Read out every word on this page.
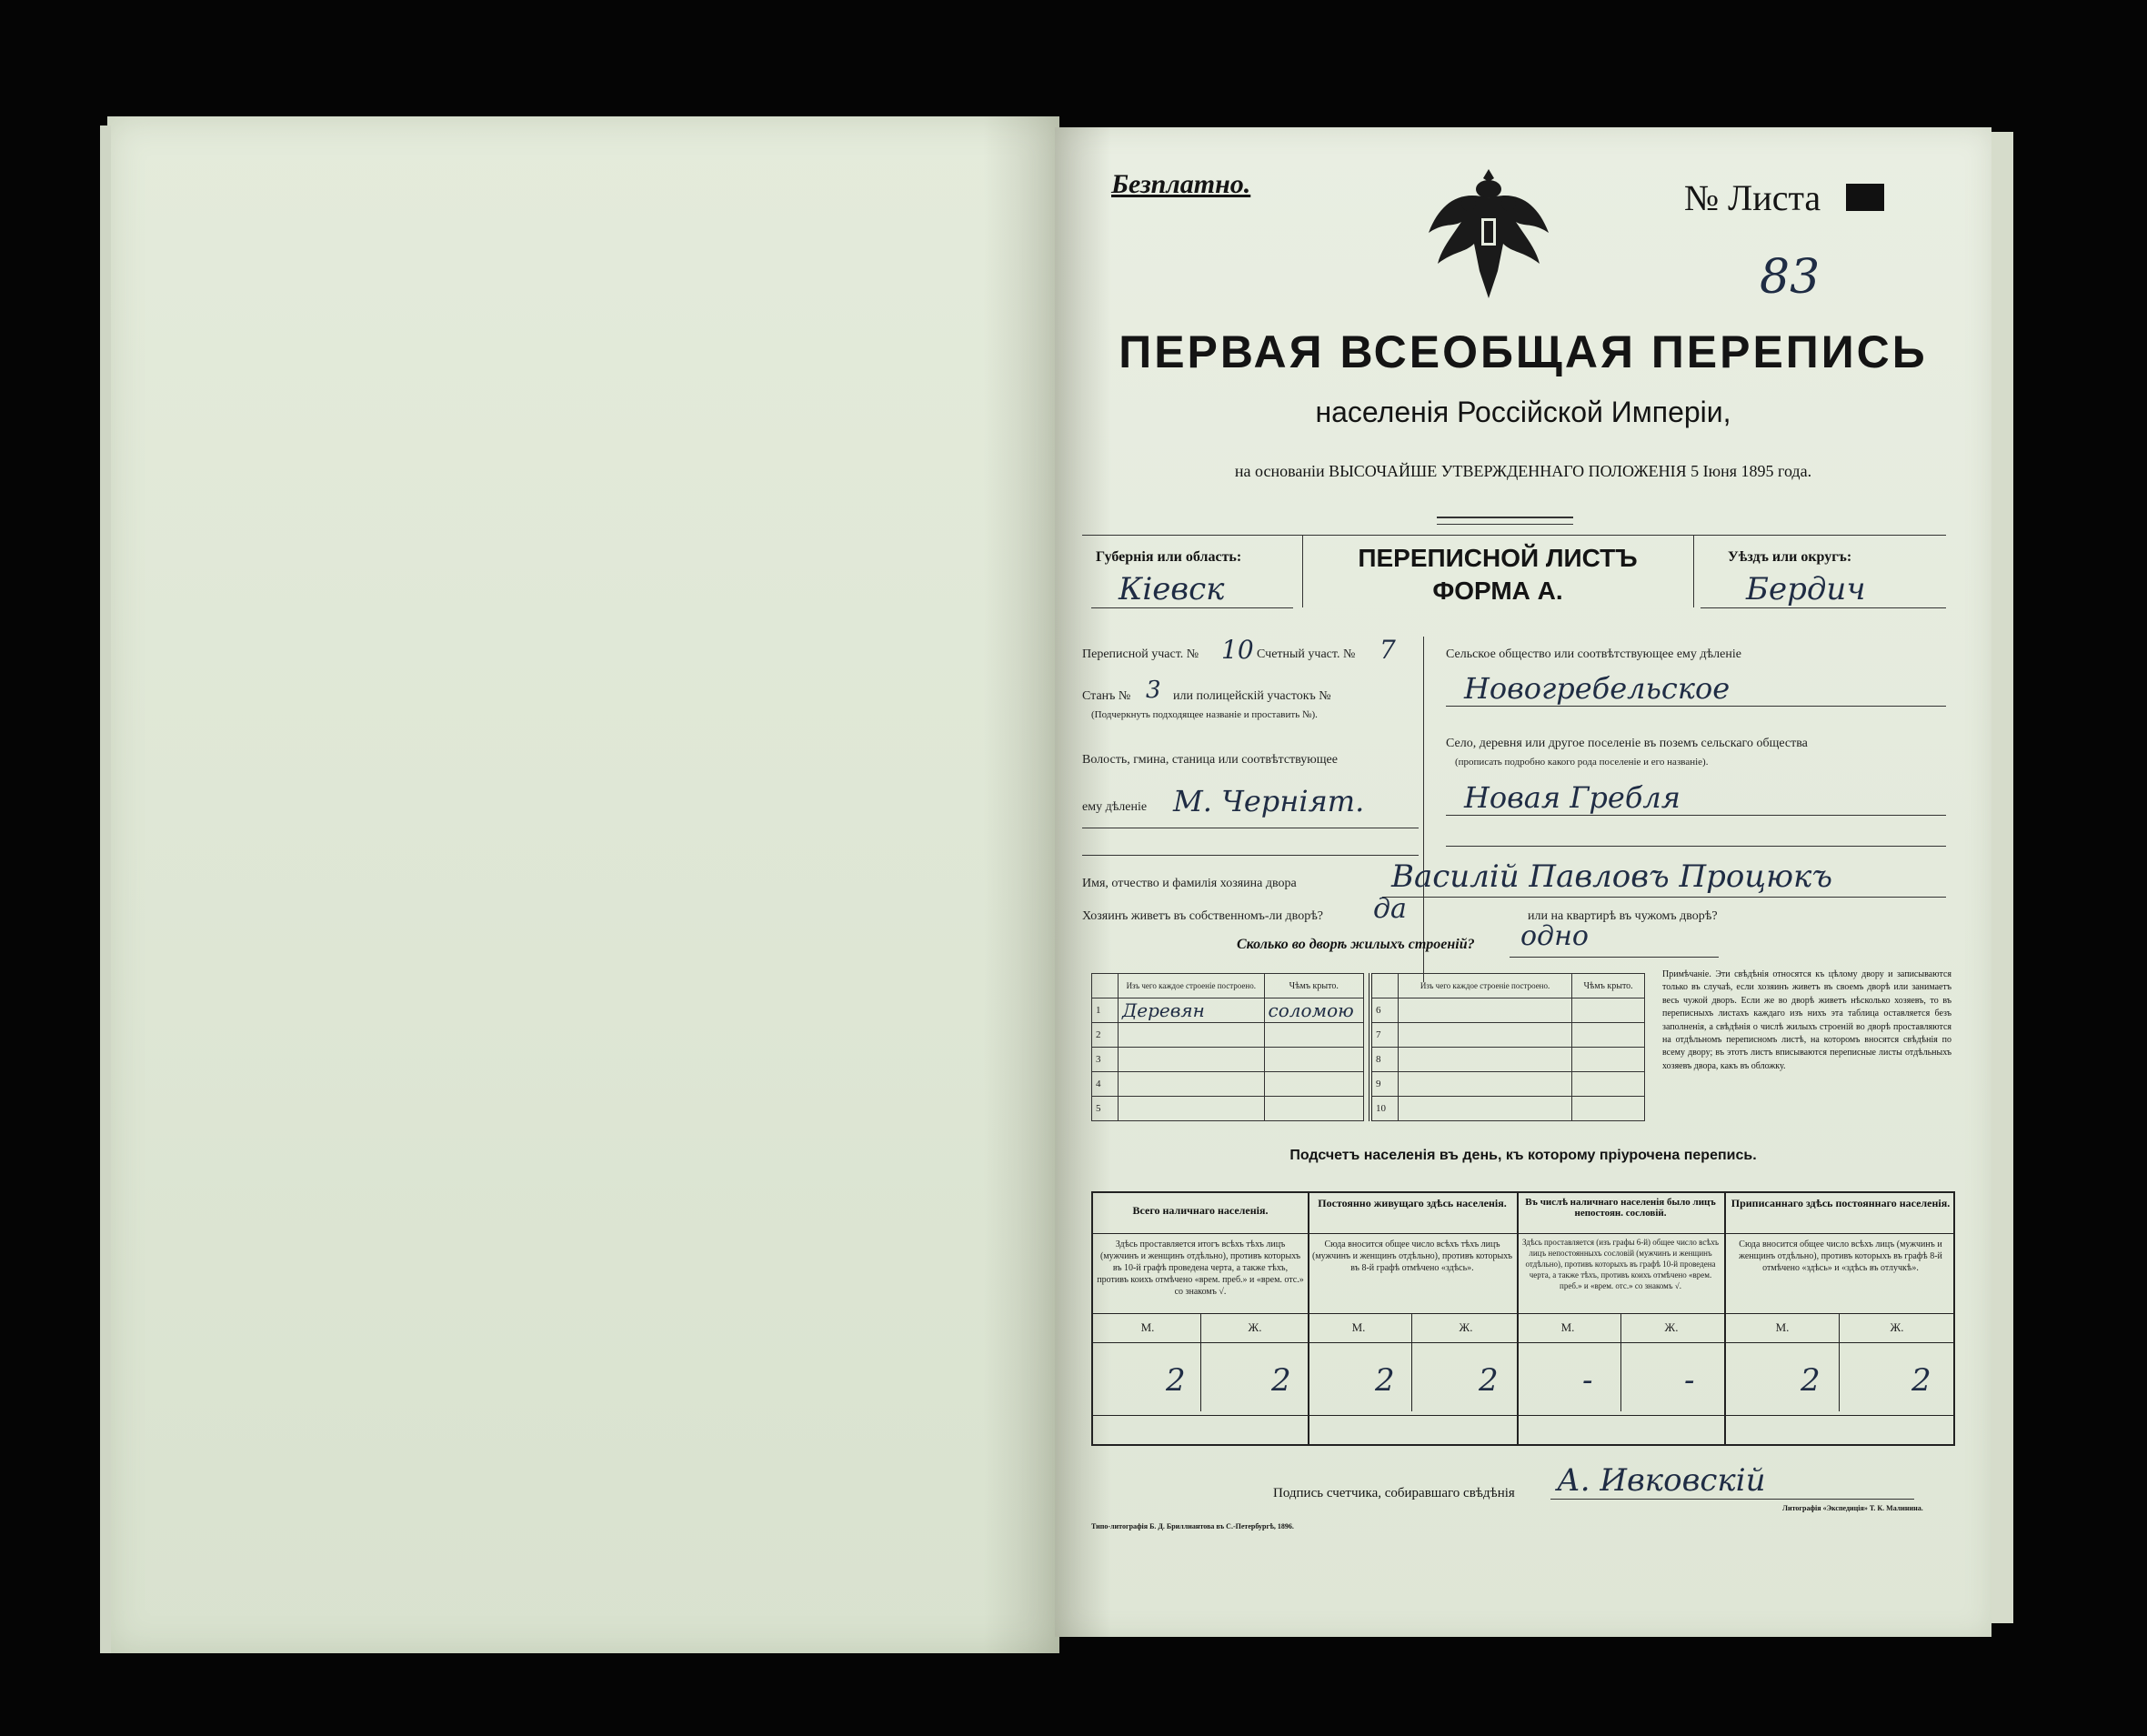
Безплатно.	№ Листа
83
ПЕРВАЯ ВСЕОБЩАЯ ПЕРЕПИСЬ
населенія Россійской Имперіи,
на основаніи ВЫСОЧАЙШЕ УТВЕРЖДЕННАГО ПОЛОЖЕНІЯ 5 Іюня 1895 года.
Губернія или область:
Кіевск
ПЕРЕПИСНОЙ ЛИСТЪ
ФОРМА А.
Уѣздъ или округъ:
Бердич
Переписной участ. № 10 Счетный участ. № 7
Станъ № 3 или полицейскій участокъ №
(Подчеркнуть подходящее названіе и проставить №).
Волость, гмина, станица или соотвѣтствующее
ему дѣленіе М. Черніят.
Сельское общество или соотвѣтствующее ему дѣленіе
Новогребельское
Село, деревня или другое поселеніе въ поземъ сельскаго общества
(прописать подробно какого рода поселеніе и его названіе).
Новая Гребля
Имя, отчество и фамилія хозяина двора	Василій Павловъ Процюкъ
Хозяинъ живетъ въ собственномъ-ли дворѣ? да	или на квартирѣ въ чужомъ дворѣ?
Сколько во дворѣ жилыхъ строеній? одно
	Изъ чего каждое строеніе построено.	Чѣмъ крыто.
1	Деревян	соломою
2		
3		
4		
5		
	Изъ чего каждое строеніе построено.	Чѣмъ крыто.
6		
7		
8		
9		
10		
Примѣчаніе. Эти свѣдѣнія относятся къ цѣлому двору и записываются только въ случаѣ, если хозяинъ живетъ въ своемъ дворѣ или занимаетъ весь чужой дворъ. Если же во дворѣ живетъ нѣсколько хозяевъ, то въ переписныхъ листахъ каждаго изъ нихъ эта таблица оставляется безъ заполненія, а свѣдѣнія о числѣ жилыхъ строеній во дворѣ проставляются на отдѣльномъ переписномъ листѣ, на которомъ вносятся свѣдѣнія по всему двору; въ этотъ листъ вписываются переписные листы отдѣльныхъ хозяевъ двора, какъ въ обложку.
Подсчетъ населенія въ день, къ которому пріурочена перепись.
Всего наличнаго населенія.
Здѣсь проставляется итогъ всѣхъ тѣхъ лицъ (мужчинъ и женщинъ отдѣльно), противъ которыхъ въ 10-й графѣ проведена черта, а также тѣхъ, противъ коихъ отмѣчено «врем. преб.» и «врем. отс.» со знакомъ √.
Постоянно живущаго здѣсь населенія.
Сюда вносится общее число всѣхъ тѣхъ лицъ (мужчинъ и женщинъ отдѣльно), противъ которыхъ въ 8-й графѣ отмѣчено «здѣсь».
Въ числѣ наличнаго населенія было лицъ непостоян. сословій.
Здѣсь проставляется (изъ графы 6-й) общее число всѣхъ лицъ непостоянныхъ сословій (мужчинъ и женщинъ отдѣльно), противъ которыхъ въ графѣ 10-й проведена черта, а также тѣхъ, противъ коихъ отмѣчено «врем. преб.» и «врем. отс.» со знакомъ √.
Приписаннаго здѣсь постояннаго населенія.
Сюда вносится общее число всѣхъ лицъ (мужчинъ и женщинъ отдѣльно), противъ которыхъ въ графѣ 8-й отмѣчено «здѣсь» и «здѣсь въ отлучкѣ».
М.	Ж.	М.	Ж.	М.	Ж.	М.	Ж.
2	2	2	2	-	-	2	2
Подпись счетчика, собиравшаго свѣдѣнія А. Ивковскій
Типо-литографія Б. Д. Бриллиантова въ С.-Петербургѣ, 1896.
Литографія «Экспедиція» Т. К. Малинина.
